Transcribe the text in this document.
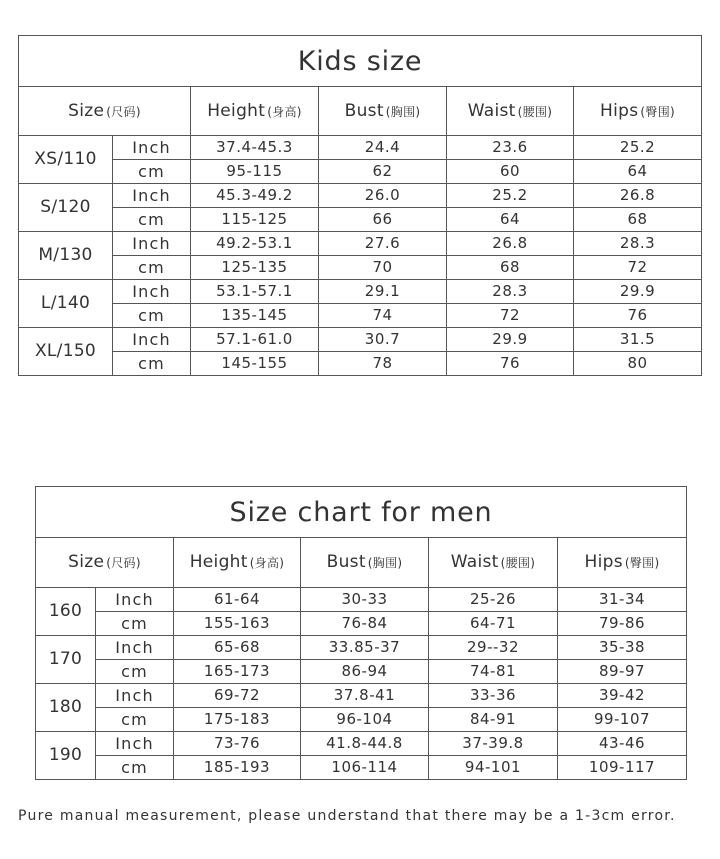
Kids size					
Size (尺码)		Height (身高)	Bust (胸围)	Waist (腰围)	Hips (臀围)
XS/110	Inch	37.4-45.3	24.4	23.6	25.2
	cm	95-115	62	60	64
S/120	Inch	45.3-49.2	26.0	25.2	26.8
	cm	115-125	66	64	68
M/130	Inch	49.2-53.1	27.6	26.8	28.3
	cm	125-135	70	68	72
L/140	Inch	53.1-57.1	29.1	28.3	29.9
	cm	135-145	74	72	76
XL/150	Inch	57.1-61.0	30.7	29.9	31.5
	cm	145-155	78	76	80
Size chart for men					
Size (尺码)		Height (身高)	Bust (胸围)	Waist (腰围)	Hips (臀围)
160	Inch	61-64	30-33	25-26	31-34
	cm	155-163	76-84	64-71	79-86
170	Inch	65-68	33.85-37	29--32	35-38
	cm	165-173	86-94	74-81	89-97
180	Inch	69-72	37.8-41	33-36	39-42
	cm	175-183	96-104	84-91	99-107
190	Inch	73-76	41.8-44.8	37-39.8	43-46
	cm	185-193	106-114	94-101	109-117
Pure manual measurement, please understand that there may be a 1-3cm error.
